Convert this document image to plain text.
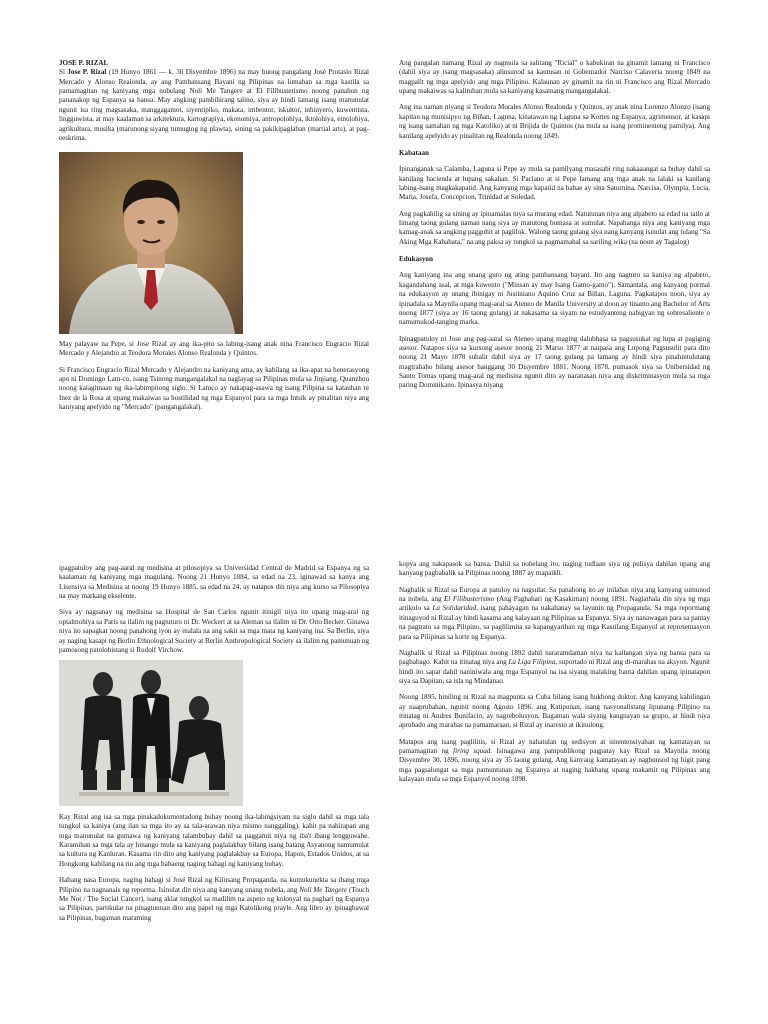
JOSE P. RIZAL

Si Jose P. Rizal (19 Hunyo 1861 — k. 30 Disyembre 1896) na may buong pangalang José Protasio Rizal Mercado y Alonso Realonda, ay ang Pambansang Bayani ng Pilipinas na lumaban sa mga kastila sa pamamagitan ng kaniyang mga nobelang Noli Me Tangere at El Filibusterismo noong panahon ng pananakop ng Espanya sa bansa. May angking pambihirang talino, siya ay hindi lamang isang manunulat ngunit isa ring magsasaka, manggagamot, siyentipiko, makata, imbentor, iskultor, inhinyero, kuwentista, lingguwista, at may kaalaman sa arkitektura, kartograpiya, ekonomiya, antropolohiya, iktolohiya, etnolohiya, agrikultura, musika (marunong siyang tumugtog ng plawta), sining sa pakikipaglaban (martial arts), at pag-eeskrima.

May palayaw na Pepe, si Jose Rizal ay ang ika-pito sa labing-isang anak nina Francisco Engracio Rizal Mercado y Alejandro at Teodora Morales Alonso Realonda y Quintos.

Si Francisco Engracio Rizal Mercado y Alejandro na kaniyang ama, ay kabilang sa ika-apat na henerasyong apo ni Domingo Lam-co, isang Tsinong mangangalakal na naglayag sa Pilipinas mula sa Jinjiang, Quanzhou noong kalagitnaan ng ika-labimpitong siglo. Si Lamco ay nakapag-asawa ng isang Pilipina sa katauhan ni Inez de la Rosa at upang makaiwas sa hostilidad ng mga Espanyol para sa mga Intsik ay pinalitan niya ang kaniyang apelyido ng "Mercado" (pangangalakal).

Ang pangalan namang Rizal ay nagmula sa salitang "Ricial" o kabukiran na ginamit lamang ni Francisco (dahil siya ay isang magsasaka) alinsunod sa kautusan ni Gobernador Narciso Calaveria noong 1849 na magpalit ng mga apelyido ang mga Pilipino. Kalaunan ay ginamit na rin ni Francisco ang Rizal Mercado upang makaiwas sa kalituhan mula sa kaniyang kasamang mangangalakal.

Ang ina naman niyang si Teodora Morales Alonso Realonda y Quintos, ay anak nina Lorenzo Alonzo (isang kapitan ng munisipyo ng Biñan, Laguna, kinatawan ng Laguna sa Kortes ng Espanya, agrimensor, at kasapi ng isang samahan ng mga Katoliko) at ni Brijida de Quintos (na mula sa isang prominenteng pamilya). Ang kanilang apelyido ay pinalitan ng Realonda noong 1849.

Kabataan

Ipinanganak sa Calamba, Laguna si Pepe ay mula sa pamilyang masasabi ring nakaaangat sa buhay dahil sa kanilang hacienda at lupang sakahan. Si Paciano at si Pepe lamang ang mga anak na lalaki sa kanilang labing-isang magkakapatid. Ang kanyang mga kapatid na babae ay sina Saturnina, Narcisa, Olympia, Lucia, Maria, Josefa, Concepcion, Trinidad at Soledad.

Ang pagkahilig sa sining ay ipinamalas niya sa murang edad. Natutunan niya ang alpabeto sa edad na tatlo at limang taong gulang naman nang siya ay matutong bumasa at sumulat. Napahanga niya ang kaniyang mga kamag-anak sa angking pagguhit at paglilok. Walong taong gulang siya nang kanyang isinulat ang tulang "Sa Aking Mga Kababata," na ang paksa ay tungkol sa pagmamahal sa sariling wika (na noon ay Tagalog)

Edukasyon

Ang kaniyang ina ang unang guro ng ating pambansang bayani. Ito ang nagturo sa kaniya ng alpabeto, kagandahang asal, at mga kuwento ("Minsan ay may Isang Gamo-gamo"). Samantala, ang kanyang pormal na edukasyon ay unang ibinigay ni Justiniano Aquino Cruz sa Biñan, Laguna. Pagkatapos noon, siya ay ipinadala sa Maynila upang mag-aral sa Ateneo de Manila University at doon ay tinamo ang Bachelor of Arts noong 1877 (siya ay 16 taong gulang) at nakasama sa siyam na estudyanteng nabigyan ng sobresaliente o namumukod-tanging marka.

Ipinagpatuloy ni Jose ang pag-aaral sa Ateneo upang maging dalubhasa sa pagsusukat ng lupa at pagiging asesor. Natapos siya sa kursong asesor noong 21 Marso 1877 at naipasa ang Lupong Pagsusulit para dito noong 21 Mayo 1878 subalit dahil siya ay 17 taong gulang pa lamang ay hindi siya pinahintulutang magtrabaho bilang asesor hanggang 30 Disyembre 1881. Noong 1878, pumasok siya sa Unibersidad ng Santo Tomas upang mag-aral ng medisina ngunit dito ay naranasan niya ang diskriminasyon mula sa mga paring Dominikano. Ipinasya niyang

ipagpatuloy ang pag-aaral ng medisina at pilosopiya sa Universidad Central de Madrid sa Espanya ng sa kaalaman ng kaniyang mga magulang. Noong 21 Hunyo 1884, sa edad na 23, iginawad sa kanya ang Lisensiya sa Medisina at noong 19 Hunyo 1885, sa edad na 24, ay natapos din niya ang kurso sa Pilosopiya na may markang ekselente.

Siya ay nagsanay ng medisina sa Hospital de San Carlos ngunit itinigil niya ito upang mag-aral ng optalmohiya sa Paris sa ilalim ng pagtuturo ni Dr. Weckert at sa Aleman sa ilalim ni Dr. Otto Becker. Ginawa niya ito sapagkat noong panahong iyon ay malala na ang sakit sa mga mata ng kaniyang ina. Sa Berlin, siya ay naging kasapi ng Berlin Ethnological Society at Berlin Anthropological Society sa ilalim ng pamunuan ng pamosong patolohistang si Rudolf Virchow.

Kay Rizal ang isa sa mga pinakadokumentadong buhay noong ika-labingsiyam na siglo dahil sa mga tala tungkol sa kaniya (ang ilan sa mga ito ay sa tala-arawan niya mismo nanggaling), kahit pa nahirapan ang mga manunulat na gumawa ng kaniyang talambuhay dahil sa paggamit niya ng iba't ibang lengguwahe. Karamihan sa mga tala ay hinango mula sa kaniyang paglalakbay bilang isang batang Asyanong namumulat sa kultura ng Kanluran. Kasama rin dito ang kaniyang paglalakbay sa Europa, Hapon, Estados Unidos, at sa Hongkong kabilang na rin ang mga babaeng naging bahagi ng kaniyang buhay.

Habang nasa Europa, naging bahagi si José Rizal ng Kilusang Propaganda, na kumukunekta sa ibang mga Pilipino na nagnanais ng reporma. Isinulat din niya ang kanyang unang nobela, ang Noli Me Tangere (Touch Me Not / The Social Cancer), isang aklat tungkol sa madilim na aspeto ng kolonyal na pagharì ng Espanya sa Pilipinas, partikular na pinagtuunan dito ang papel ng mga Katolikong prayle. Ang libro ay ipinagbawal sa Pilipinas, bagaman maraming

kopya ang nakapasok sa bansa. Dahil sa nobelang ito, naging tudlaan siya ng pulisya dahilan upang ang kanyang pagbabalik sa Pilipinas noong 1887 ay mapaikli.

Nagbalik si Rizal sa Europa at patuloy na nagsulat. Sa panahong ito ay inilabas niya ang kanyang sumunod na nobela, ang El Filibusterismo (Ang Paghahari ng Kasakiman) noong 1891. Naglathala din siya ng mga artikulo sa La Solidaridad, isang pahayagan na nakahanay sa layunin ng Propaganda. Sa mga repormang itinaguyod ni Rizal ay hindi kasama ang kalayaan ng Pilipinas sa Espanya. Siya ay nanawagan para sa pantay na pagtrato sa mga Pilipino, sa paglilimita sa kapangyarihan ng mga Kastilang Espanyol at representasyon para sa Pilipinas sa korte ng Espanya.

Nagbalik si Rizal sa Pilipinas noong 1892 dahil nararamdaman niya na kailangan siya ng bansa para sa pagbabago. Kahit na itinatag niya ang La Liga Filipina, suportado ni Rizal ang di-marahas na aksyon. Ngunit hindi ito sapat dahil naniniwala ang mga Espanyol na isa siyang malaking banta dahilan upang ipinatapon siya sa Dapitan, sa isla ng Mindanao.

Noong 1895, hiniling ni Rizal na magpunta sa Cuba bilang isang hukbong doktor. Ang kanyang kahilingan ay naaprubahan, ngunit noong Agosto 1896, ang Katipunan, isang nasyonalistang lipunang Pilipino na itinatag ni Andres Bonifacio, ay nagrebolusyon. Bagaman wala siyang kaugnayan sa grupo, at hindi niya aprubado ang marahas na pamamaraan, si Rizal ay inaresto at ikinulong.

Matapos ang isang paglilitis, si Rizal ay nahatulan ng sedisyon at sinentensiyahan ng kamatayan sa pamamagitan ng firing squad. Isinagawa ang pampublikong pagpatay kay Rizal sa Maynila noong Disyembre 30, 1896, noong siya ay 35 taong gulang. Ang kanyang kamatayan ay nagbunsod ng higit pang mga pagsalungat sa mga pamuntunan ng Espanya at naging hakbang upang makamit ng Pilipinas ang kalayaan mula sa mga Espanyol noong 1898.
